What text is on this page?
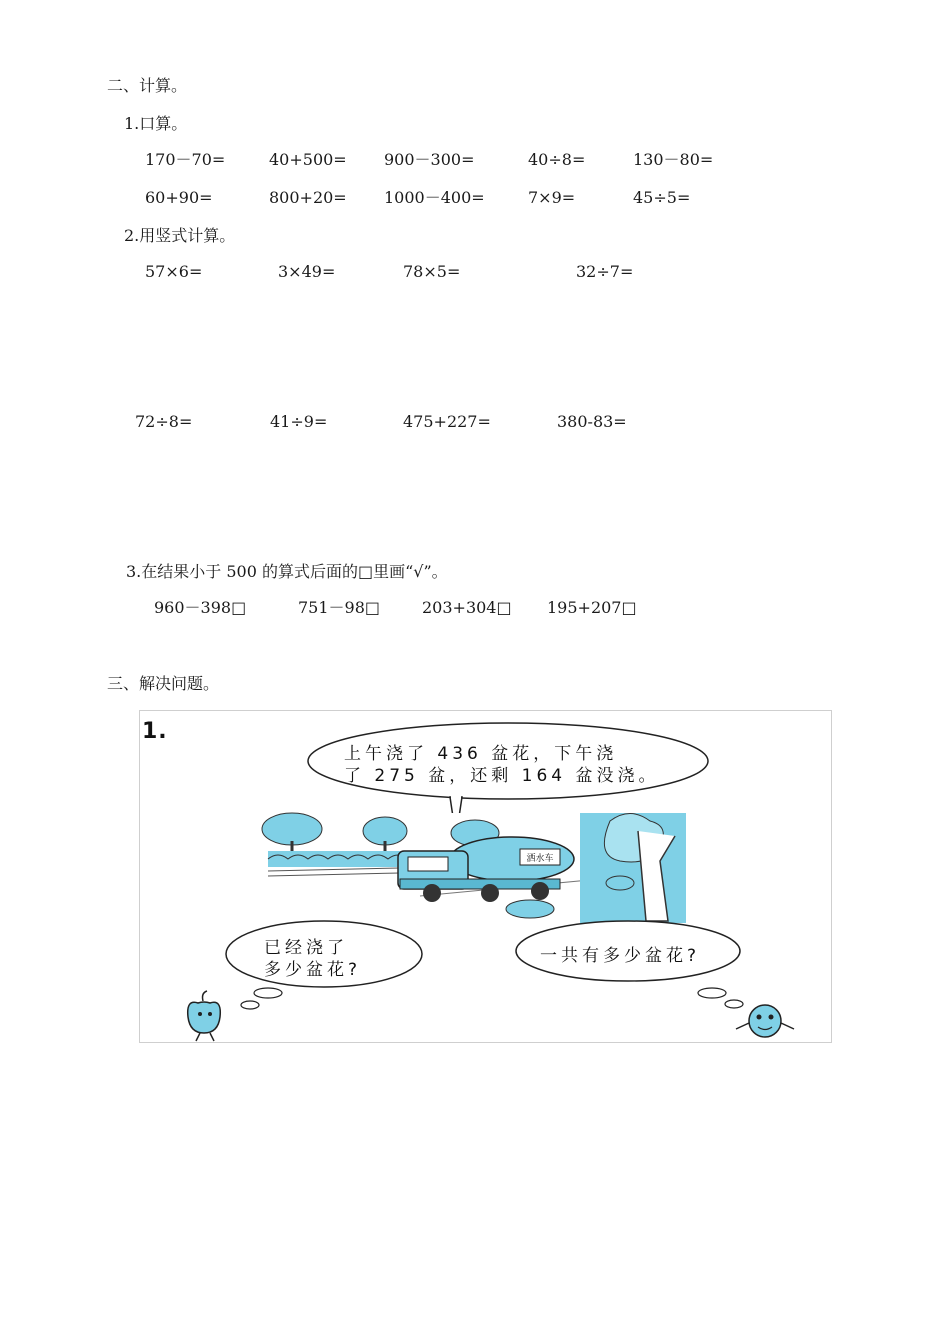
二、计算。
1.口算。
170－70=	40+500= 900－300=	40÷8=	130－80=
60+90=	800+20= 1000－400=	7×9=	45÷5=
2.用竖式计算。
57×6=	3×49=	78×5=	32÷7=
72÷8=	41÷9=	475+227=	380-83=
3.在结果小于 500 的算式后面的□里画“√”。
960－398□	751－98□	203+304□ 195+207□
三、解决问题。
洒水车
1.
上午浇了 436 盆花，下午浇
了 275 盆，还剩 164 盆没浇。
已经浇了
多少盆花?
一共有多少盆花?
